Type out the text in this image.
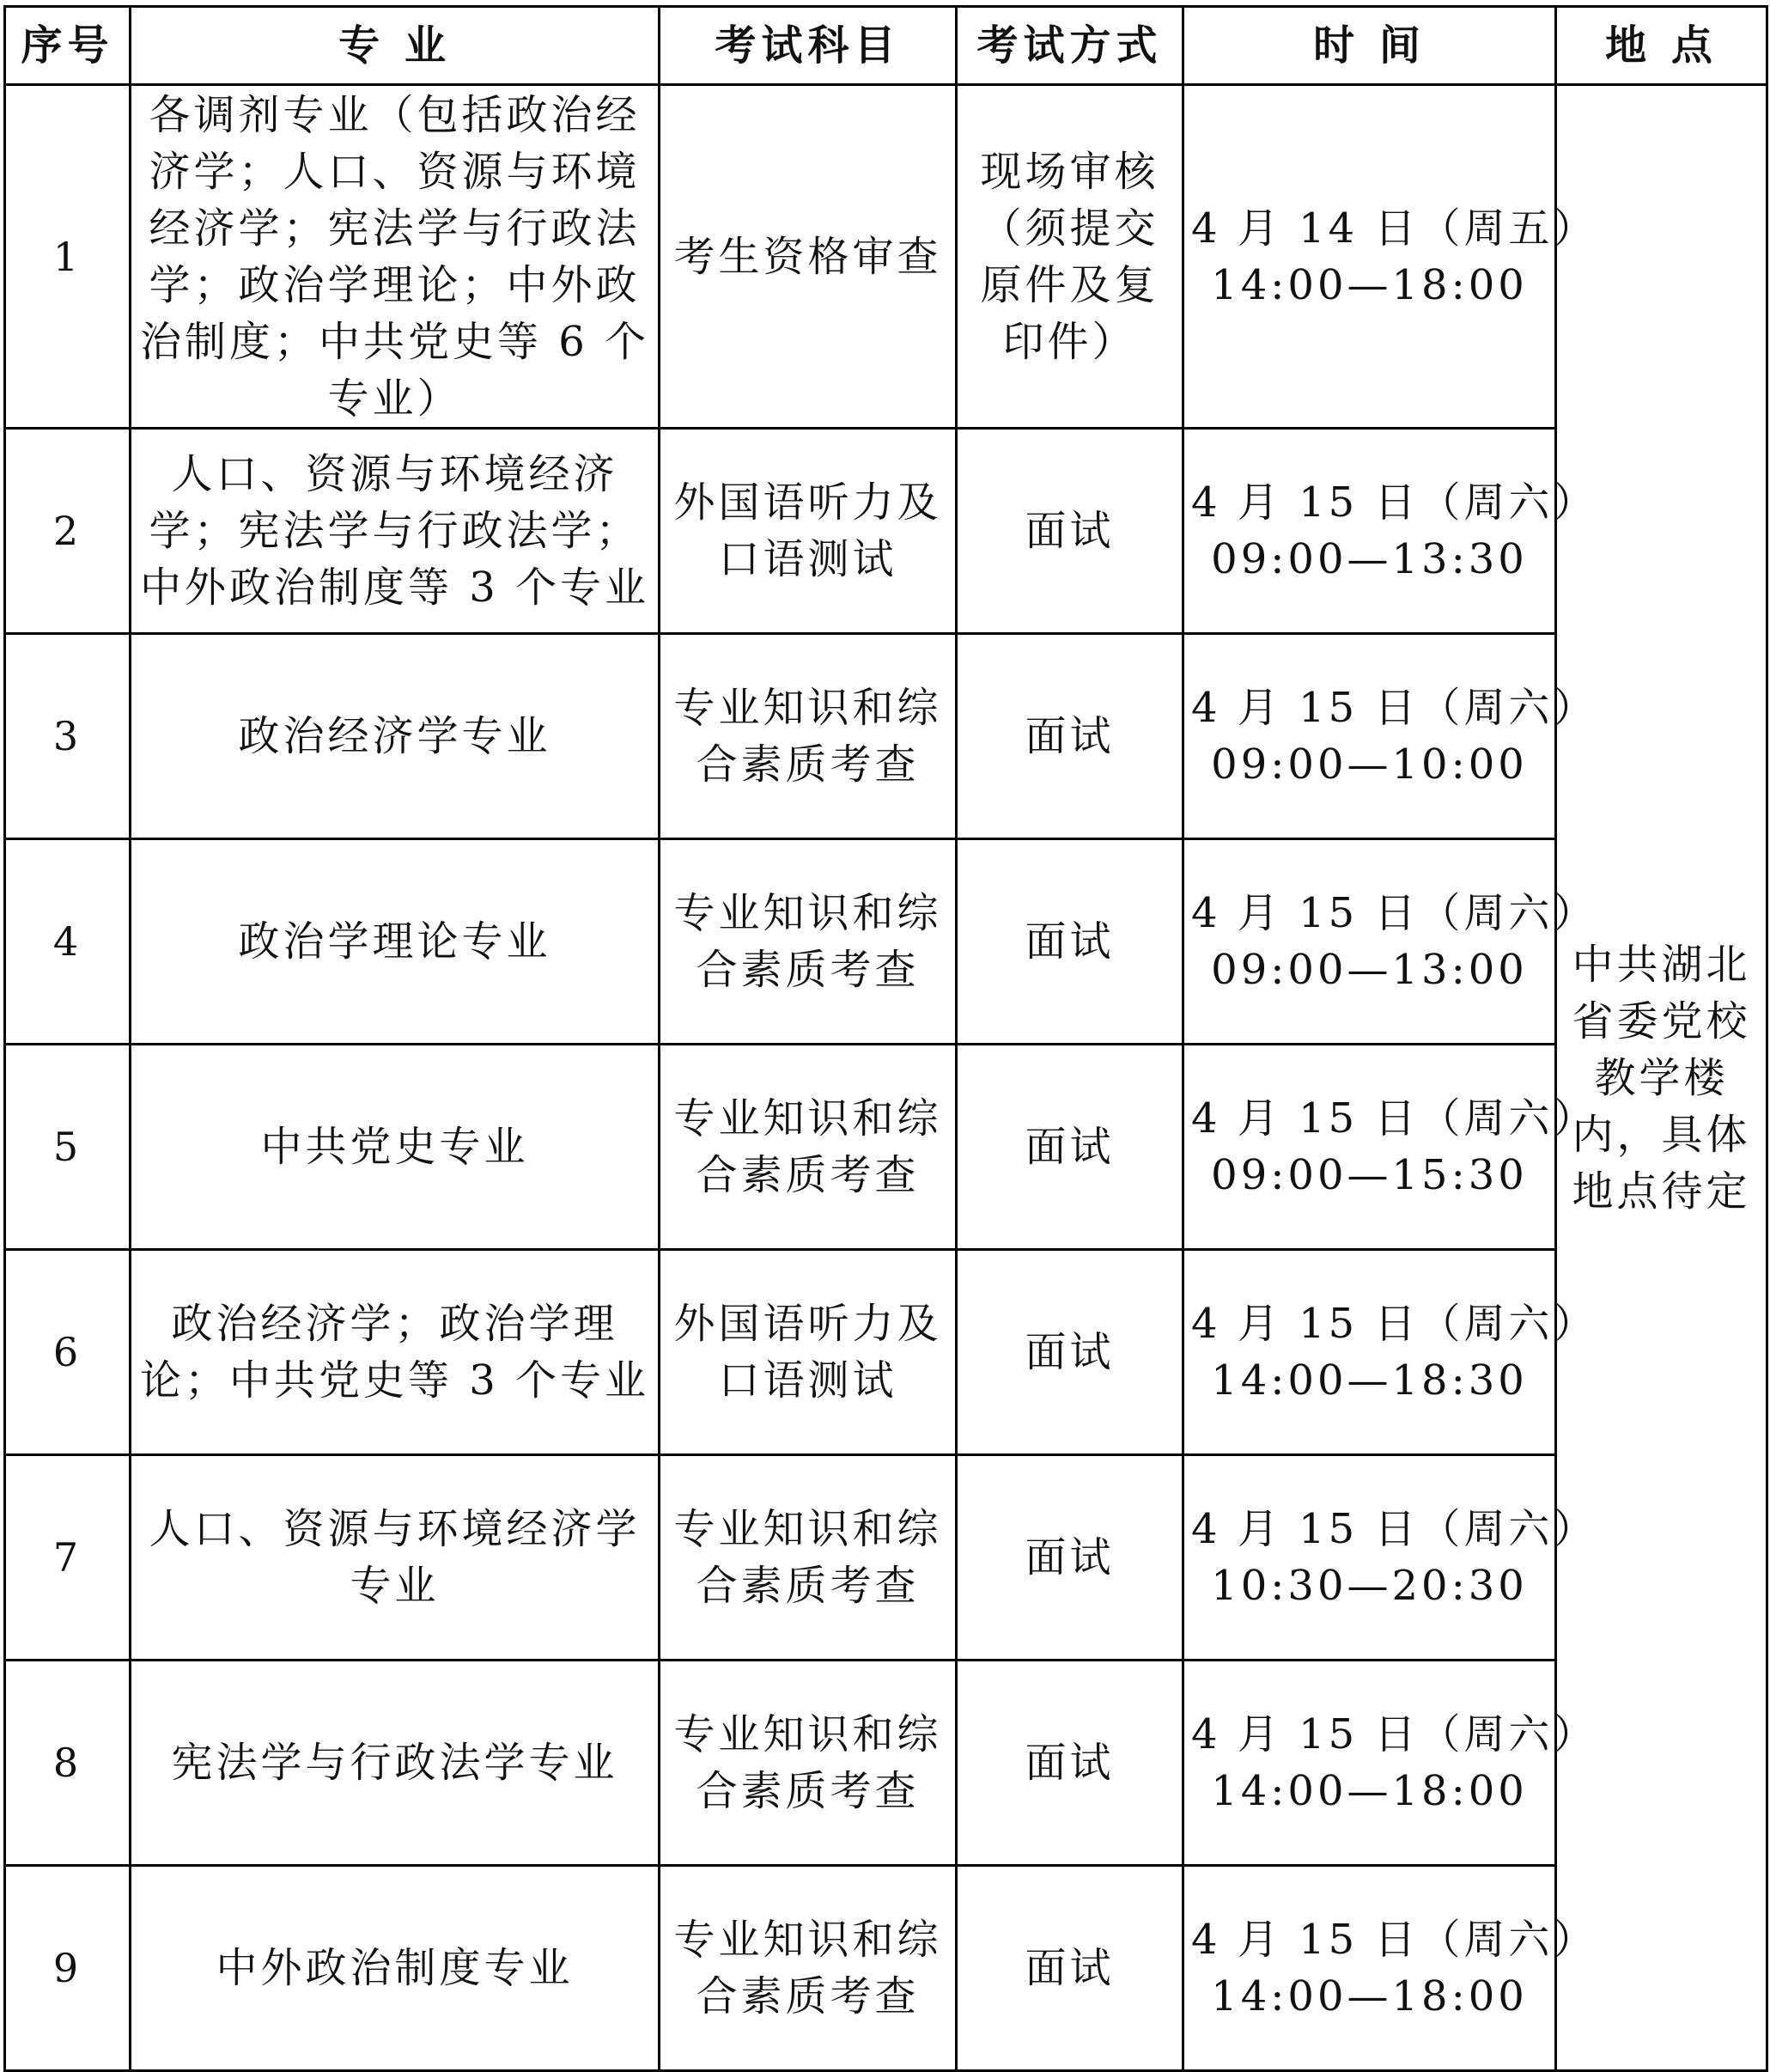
序号	专 业	考试科目	考试方式	时 间	地 点
1	各调剂专业（包括政治经济学；人口、资源与环境经济学；宪法学与行政法学；政治学理论；中外政治制度；中共党史等 6 个专业）	考生资格审查	现场审核（须提交原件及复印件）	4 月 14 日（周五）
14:00—18:00	中共湖北省委党校教学楼内，具体地点待定
2	人口、资源与环境经济学；宪法学与行政法学；中外政治制度等 3 个专业	外国语听力及口语测试	面试	4 月 15 日（周六）
09:00—13:30	

3	政治经济学专业	专业知识和综合素质考查	面试	4 月 15 日（周六）
09:00—10:00	

4	政治学理论专业	专业知识和综合素质考查	面试	4 月 15 日（周六）
09:00—13:00	

5	中共党史专业	专业知识和综合素质考查	面试	4 月 15 日（周六）
09:00—15:30	

6	政治经济学；政治学理论；中共党史等 3 个专业	外国语听力及口语测试	面试	4 月 15 日（周六）
14:00—18:30	

7	人口、资源与环境经济学专业	专业知识和综合素质考查	面试	4 月 15 日（周六）
10:30—20:30	

8	宪法学与行政法学专业	专业知识和综合素质考查	面试	4 月 15 日（周六）
14:00—18:00	

9	中外政治制度专业	专业知识和综合素质考查	面试	4 月 15 日（周六）
14:00—18:00	
